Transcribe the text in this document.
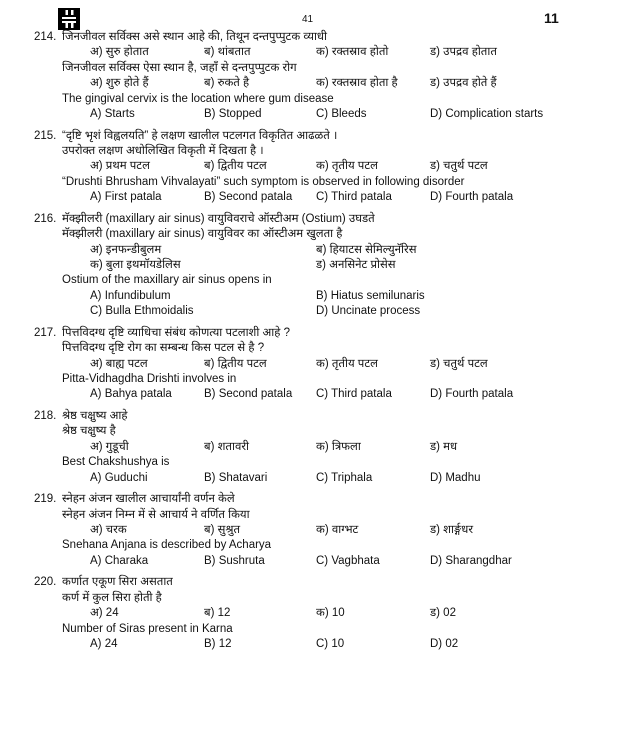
41	11
214. जिनजीवल सर्विक्स असे स्थान आहे की, तिथून दन्तपुप्पुटक व्याधी
अ) सुरु होतात	ब) थांबतात	क) रक्तस्राव होतो	ड) उपद्रव होतात
जिनजीवल सर्विक्स ऐसा स्थान है, जहाँ से दन्तपुप्पुटक रोग
अ) शुरु होते हैं	ब) रुकते है	क) रक्तस्राव होता है	ड) उपद्रव होते हैं
The gingival cervix is the location where gum disease
A) Starts	B) Stopped	C) Bleeds	D) Complication starts
215. “दृष्टि भृशं विह्वलयति” हे लक्षण खालील पटलगत विकृतित आढळते ।
उपरोक्त लक्षण अधोलिखित विकृती में दिखता है ।
अ) प्रथम पटल	ब) द्वितीय पटल	क) तृतीय पटल	ड) चतुर्थ पटल
“Drushti Bhrusham Vihvalayati” such symptom is observed in following disorder
A) First patala	B) Second patala C) Third patala	D) Fourth patala
216. मॅक्झीलरी (maxillary air sinus) वायुविवराचे ऑस्टीअम (Ostium) उघडते
मॅक्झीलरी (maxillary air sinus) वायुविवर का ऑस्टीअम खुलता है
अ) इनफन्डीबुलम	ब) हियाटस सेमिल्युनॅरिस
क) बुला इथमॉयडेलिस	ड) अनसिनेट प्रोसेस
Ostium of the maxillary air sinus opens in
A) Infundibulum	B) Hiatus semilunaris
C) Bulla Ethmoidalis	D) Uncinate process
217. पित्तविदग्ध दृष्टि व्याधिचा संबंध कोणत्या पटलाशी आहे ?
पित्तविदग्ध दृष्टि रोग का सम्बन्ध किस पटल से है ?
अ) बाह्य पटल	ब) द्वितीय पटल	क) तृतीय पटल	ड) चतुर्थ पटल
Pitta-Vidhagdha Drishti involves in
A) Bahya patala	B) Second patala C) Third patala	D) Fourth patala
218. श्रेष्ठ चक्षुष्य आहे
श्रेष्ठ चक्षुष्य है
अ) गुडूची	ब) शतावरी	क) त्रिफला	ड) मध
Best Chakshushya is
A) Guduchi	B) Shatavari	C) Triphala	D) Madhu
219. स्नेहन अंजन खालील आचार्यांनी वर्णन केले
स्नेहन अंजन निम्न में से आचार्य ने वर्णित किया
अ) चरक	ब) सुश्रुत	क) वाग्भट	ड) शार्ङ्गधर
Snehana Anjana is described by Acharya
A) Charaka	B) Sushruta	C) Vagbhata	D) Sharangdhar
220. कर्णात एकूण सिरा असतात
कर्ण में कुल सिरा होती है
अ) 24	ब) 12	क) 10	ड) 02
Number of Siras present in Karna
A) 24	B) 12	C) 10	D) 02
